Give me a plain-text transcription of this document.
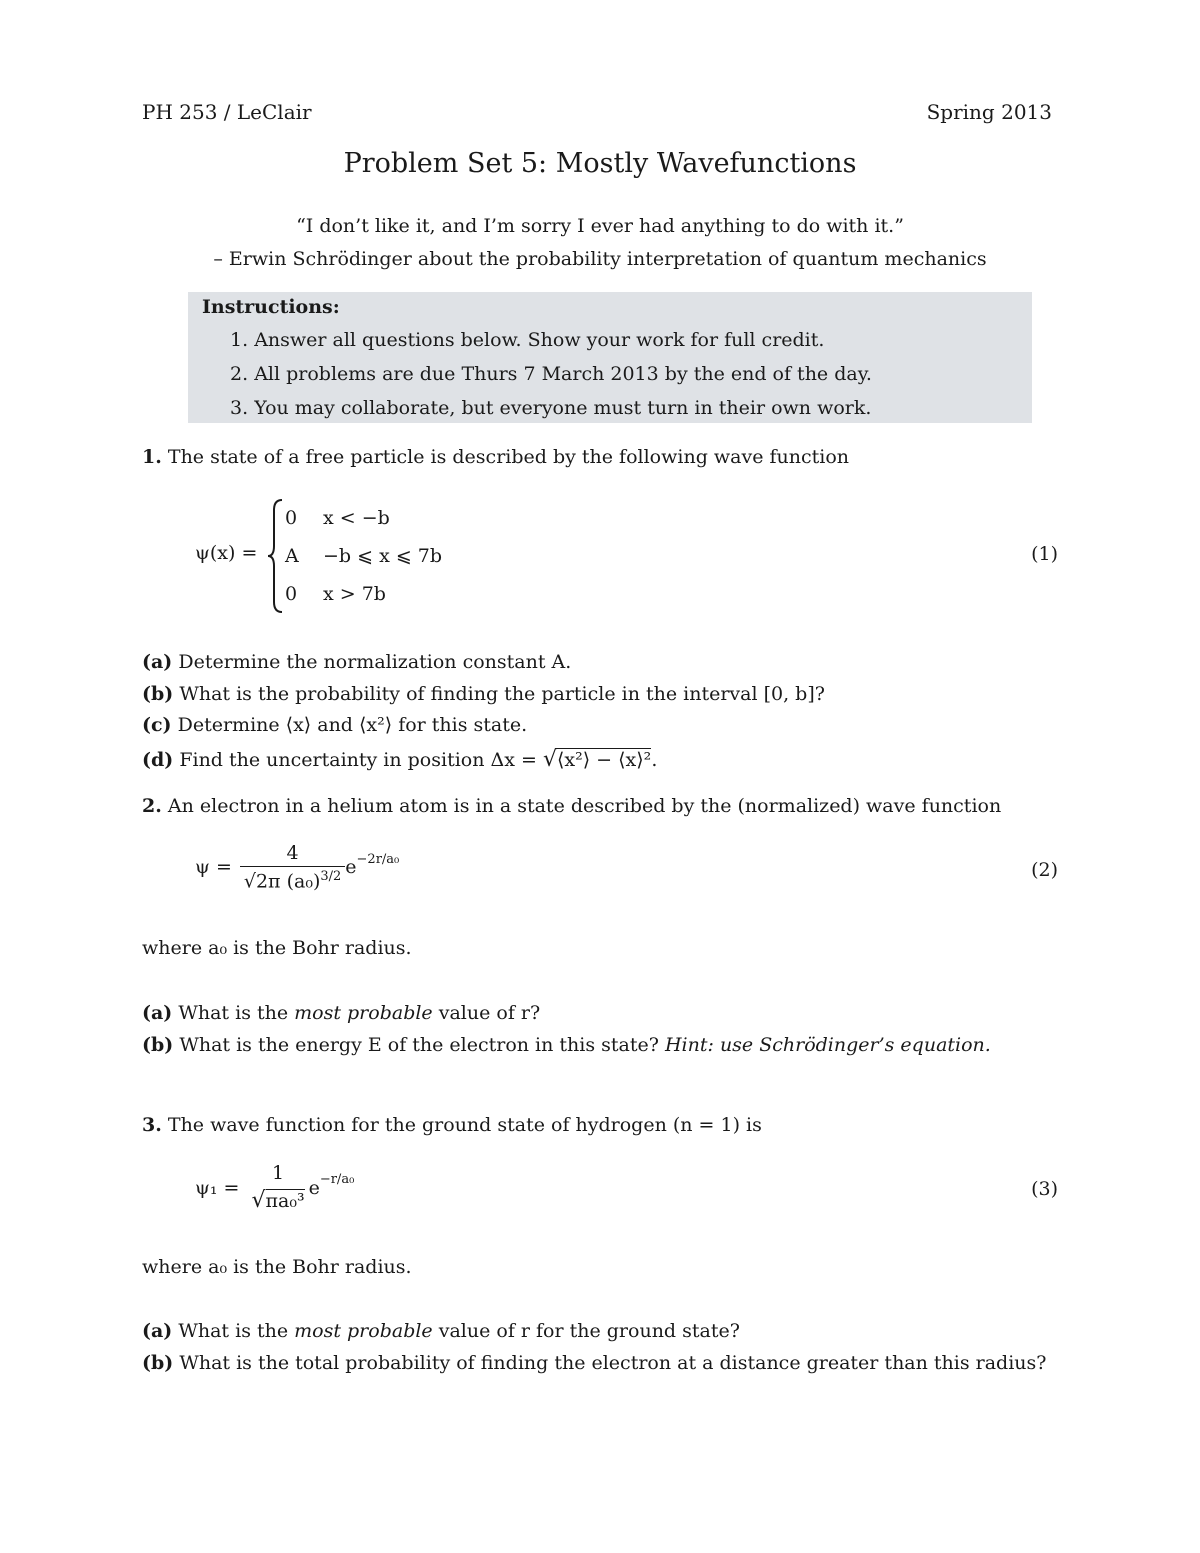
PH 253 / LeClair	Spring 2013
Problem Set 5: Mostly Wavefunctions
“I don’t like it, and I’m sorry I ever had anything to do with it.”
– Erwin Schrödinger about the probability interpretation of quantum mechanics
Instructions:
1. Answer all questions below. Show your work for full credit.
2. All problems are due Thurs 7 March 2013 by the end of the day.
3. You may collaborate, but everyone must turn in their own work.
1. The state of a free particle is described by the following wave function
ψ(x) =
0 x < −b
A −b ⩽ x ⩽ 7b
0 x > 7b
(1)
(a) Determine the normalization constant A.
(b) What is the probability of finding the particle in the interval [0, b]?
(c) Determine ⟨x⟩ and ⟨x²⟩ for this state.
(d) Find the uncertainty in position Δx = √⟨x²⟩ − ⟨x⟩².
2. An electron in a helium atom is in a state described by the (normalized) wave function
$\psi = \frac{4}{√2\pi (a_0)^{3/2}} e^{-2r/a_0}$	(2)
where a₀ is the Bohr radius.
(a) What is the most probable value of r?
(b) What is the energy E of the electron in this state? Hint: use Schrödinger’s equation.
3. The wave function for the ground state of hydrogen (n = 1) is
ψ₁ =
1
√πa₀³
$e^{-r/a_0}$	(3)
where a₀ is the Bohr radius.
(a) What is the most probable value of r for the ground state?
(b) What is the total probability of finding the electron at a distance greater than this radius?
